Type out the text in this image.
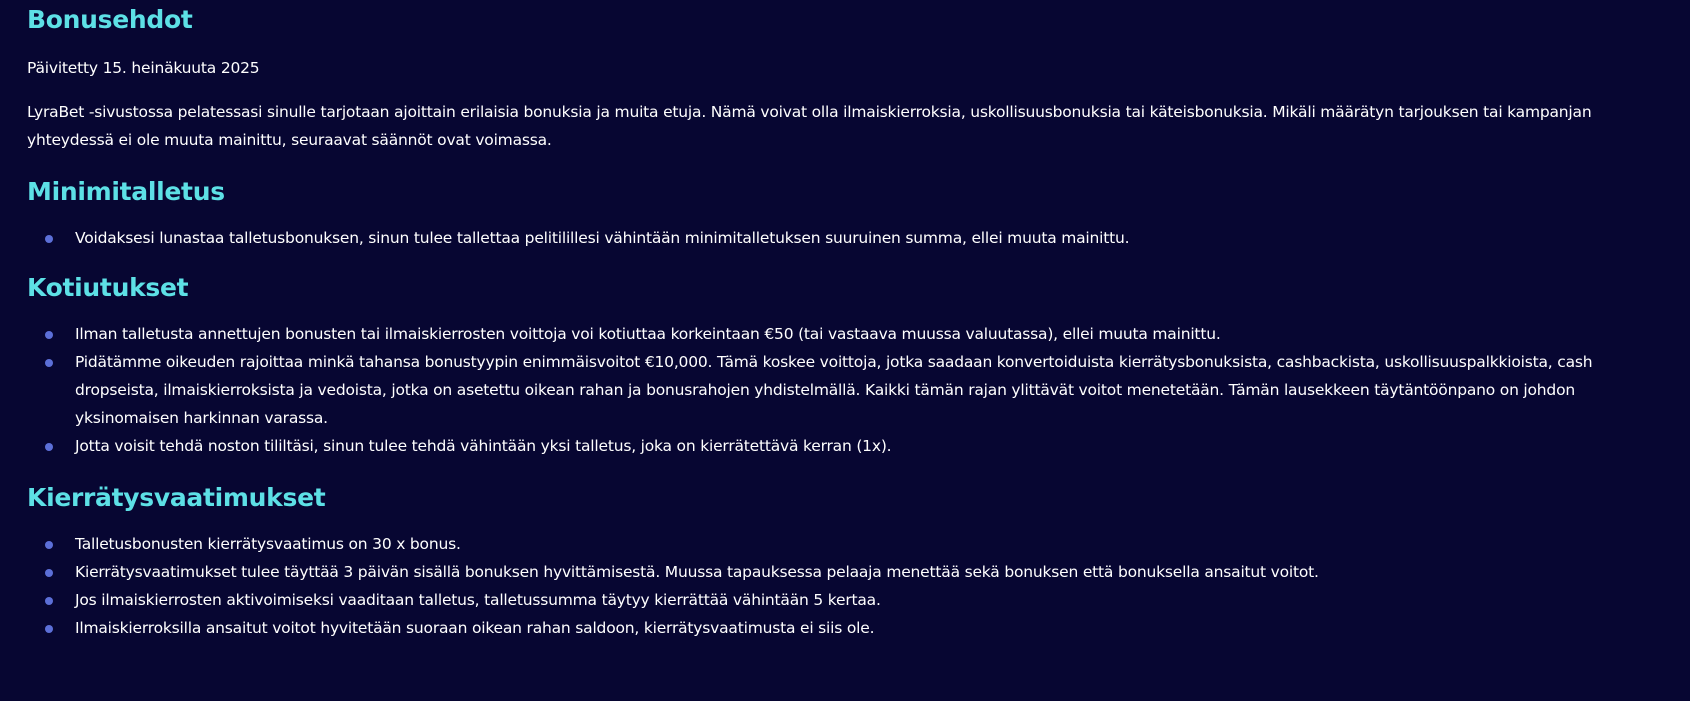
Bonusehdot

Päivitetty 15. heinäkuuta 2025

LyraBet -sivustossa pelatessasi sinulle tarjotaan ajoittain erilaisia bonuksia ja muita etuja. Nämä voivat olla ilmaiskierroksia, uskollisuusbonuksia tai käteisbonuksia. Mikäli määrätyn tarjouksen tai kampanjan yhteydessä ei ole muuta mainittu, seuraavat säännöt ovat voimassa.

Minimitalletus
Voidaksesi lunastaa talletusbonuksen, sinun tulee tallettaa pelitilillesi vähintään minimitalletuksen suuruinen summa, ellei muuta mainittu.
Kotiutukset
Ilman talletusta annettujen bonusten tai ilmaiskierrosten voittoja voi kotiuttaa korkeintaan €50 (tai vastaava muussa valuutassa), ellei muuta mainittu.
Pidätämme oikeuden rajoittaa minkä tahansa bonustyypin enimmäisvoitot €10,000. Tämä koskee voittoja, jotka saadaan konvertoiduista kierrätysbonuksista, cashbackista, uskollisuuspalkkioista, cash dropseista, ilmaiskierroksista ja vedoista, jotka on asetettu oikean rahan ja bonusrahojen yhdistelmällä. Kaikki tämän rajan ylittävät voitot menetetään. Tämän lausekkeen täytäntöönpano on johdon yksinomaisen harkinnan varassa.
Jotta voisit tehdä noston tililtäsi, sinun tulee tehdä vähintään yksi talletus, joka on kierrätettävä kerran (1x).
Kierrätysvaatimukset
Talletusbonusten kierrätysvaatimus on 30 x bonus.
Kierrätysvaatimukset tulee täyttää 3 päivän sisällä bonuksen hyvittämisestä. Muussa tapauksessa pelaaja menettää sekä bonuksen että bonuksella ansaitut voitot.
Jos ilmaiskierrosten aktivoimiseksi vaaditaan talletus, talletussumma täytyy kierrättää vähintään 5 kertaa.
Ilmaiskierroksilla ansaitut voitot hyvitetään suoraan oikean rahan saldoon, kierrätysvaatimusta ei siis ole.
